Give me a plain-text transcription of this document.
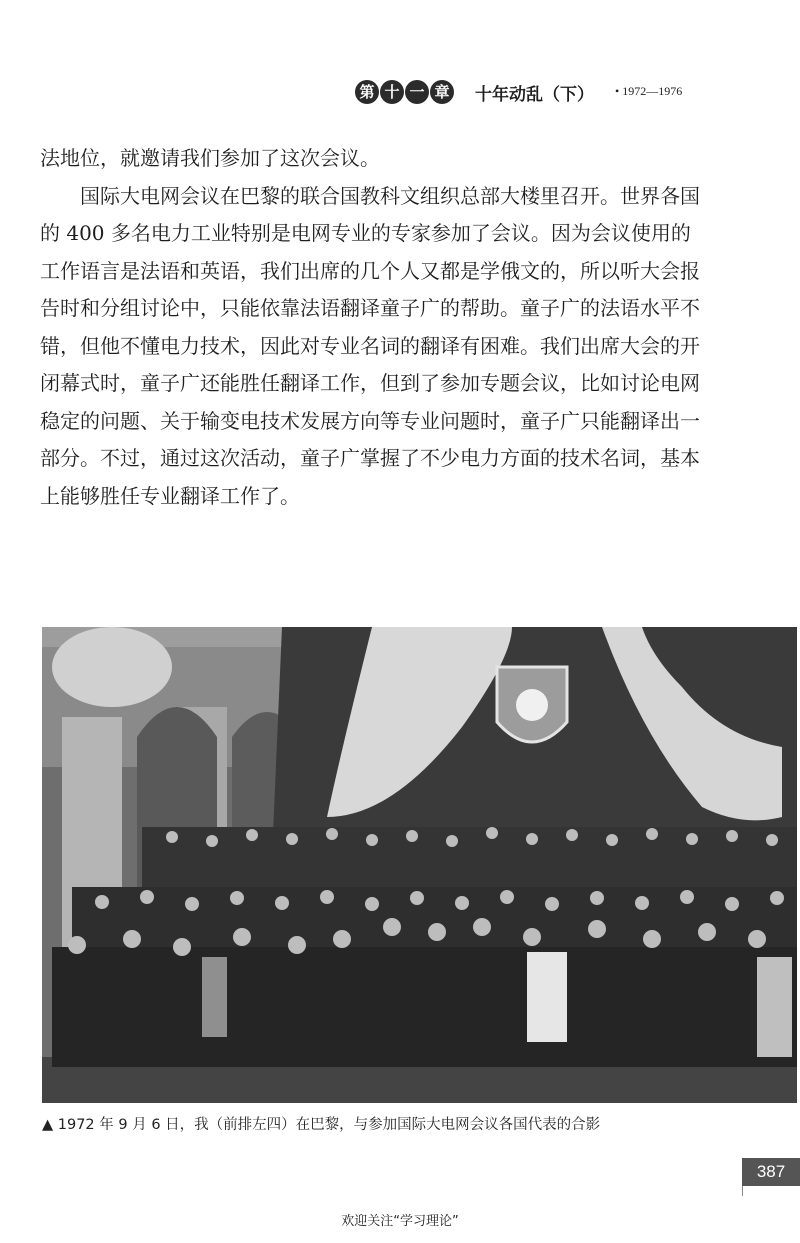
第 十 一 章 十年动乱（下） • 1972—1976

法地位，就邀请我们参加了这次会议。

国际大电网会议在巴黎的联合国教科文组织总部大楼里召开。世界各国的 400 多名电力工业特别是电网专业的专家参加了会议。因为会议使用的工作语言是法语和英语，我们出席的几个人又都是学俄文的，所以听大会报告时和分组讨论中，只能依靠法语翻译童子广的帮助。童子广的法语水平不错，但他不懂电力技术，因此对专业名词的翻译有困难。我们出席大会的开闭幕式时，童子广还能胜任翻译工作，但到了参加专题会议，比如讨论电网稳定的问题、关于输变电技术发展方向等专业问题时，童子广只能翻译出一部分。不过，通过这次活动，童子广掌握了不少电力方面的技术名词，基本上能够胜任专业翻译工作了。

▲ 1972 年 9 月 6 日，我（前排左四）在巴黎，与参加国际大电网会议各国代表的合影
387
欢迎关注“学习理论”
